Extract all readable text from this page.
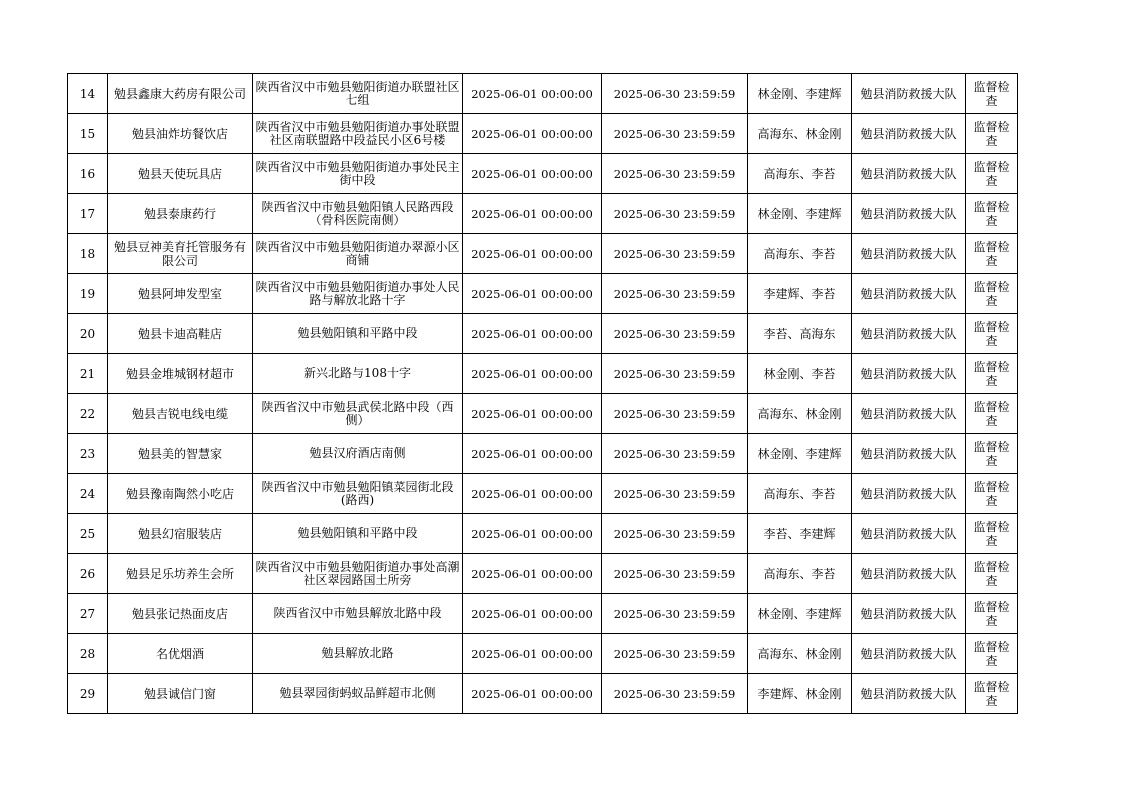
14	勉县鑫康大药房有限公司	陕西省汉中市勉县勉阳街道办联盟社区七组	2025-06-01 00:00:00	2025-06-30 23:59:59	林金刚、李建辉	勉县消防救援大队	监督检查
15	勉县油炸坊餐饮店	陕西省汉中市勉县勉阳街道办事处联盟社区南联盟路中段益民小区6号楼	2025-06-01 00:00:00	2025-06-30 23:59:59	高海东、林金刚	勉县消防救援大队	监督检查
16	勉县天使玩具店	陕西省汉中市勉县勉阳街道办事处民主街中段	2025-06-01 00:00:00	2025-06-30 23:59:59	高海东、李苔	勉县消防救援大队	监督检查
17	勉县泰康药行	陕西省汉中市勉县勉阳镇人民路西段（骨科医院南侧）	2025-06-01 00:00:00	2025-06-30 23:59:59	林金刚、李建辉	勉县消防救援大队	监督检查
18	勉县豆神美育托管服务有限公司	陕西省汉中市勉县勉阳街道办翠源小区商铺	2025-06-01 00:00:00	2025-06-30 23:59:59	高海东、李苔	勉县消防救援大队	监督检查
19	勉县阿坤发型室	陕西省汉中市勉县勉阳街道办事处人民路与解放北路十字	2025-06-01 00:00:00	2025-06-30 23:59:59	李建辉、李苔	勉县消防救援大队	监督检查
20	勉县卡迪高鞋店	勉县勉阳镇和平路中段	2025-06-01 00:00:00	2025-06-30 23:59:59	李苔、高海东	勉县消防救援大队	监督检查
21	勉县金堆城钢材超市	新兴北路与108十字	2025-06-01 00:00:00	2025-06-30 23:59:59	林金刚、李苔	勉县消防救援大队	监督检查
22	勉县吉锐电线电缆	陕西省汉中市勉县武侯北路中段（西侧）	2025-06-01 00:00:00	2025-06-30 23:59:59	高海东、林金刚	勉县消防救援大队	监督检查
23	勉县美的智慧家	勉县汉府酒店南侧	2025-06-01 00:00:00	2025-06-30 23:59:59	林金刚、李建辉	勉县消防救援大队	监督检查
24	勉县豫南陶然小吃店	陕西省汉中市勉县勉阳镇菜园街北段(路西)	2025-06-01 00:00:00	2025-06-30 23:59:59	高海东、李苔	勉县消防救援大队	监督检查
25	勉县幻宿服装店	勉县勉阳镇和平路中段	2025-06-01 00:00:00	2025-06-30 23:59:59	李苔、李建辉	勉县消防救援大队	监督检查
26	勉县足乐坊养生会所	陕西省汉中市勉县勉阳街道办事处高潮社区翠园路国土所旁	2025-06-01 00:00:00	2025-06-30 23:59:59	高海东、李苔	勉县消防救援大队	监督检查
27	勉县张记热面皮店	陕西省汉中市勉县解放北路中段	2025-06-01 00:00:00	2025-06-30 23:59:59	林金刚、李建辉	勉县消防救援大队	监督检查
28	名优烟酒	勉县解放北路	2025-06-01 00:00:00	2025-06-30 23:59:59	高海东、林金刚	勉县消防救援大队	监督检查
29	勉县诚信门窗	勉县翠园街蚂蚁品鲜超市北侧	2025-06-01 00:00:00	2025-06-30 23:59:59	李建辉、林金刚	勉县消防救援大队	监督检查
